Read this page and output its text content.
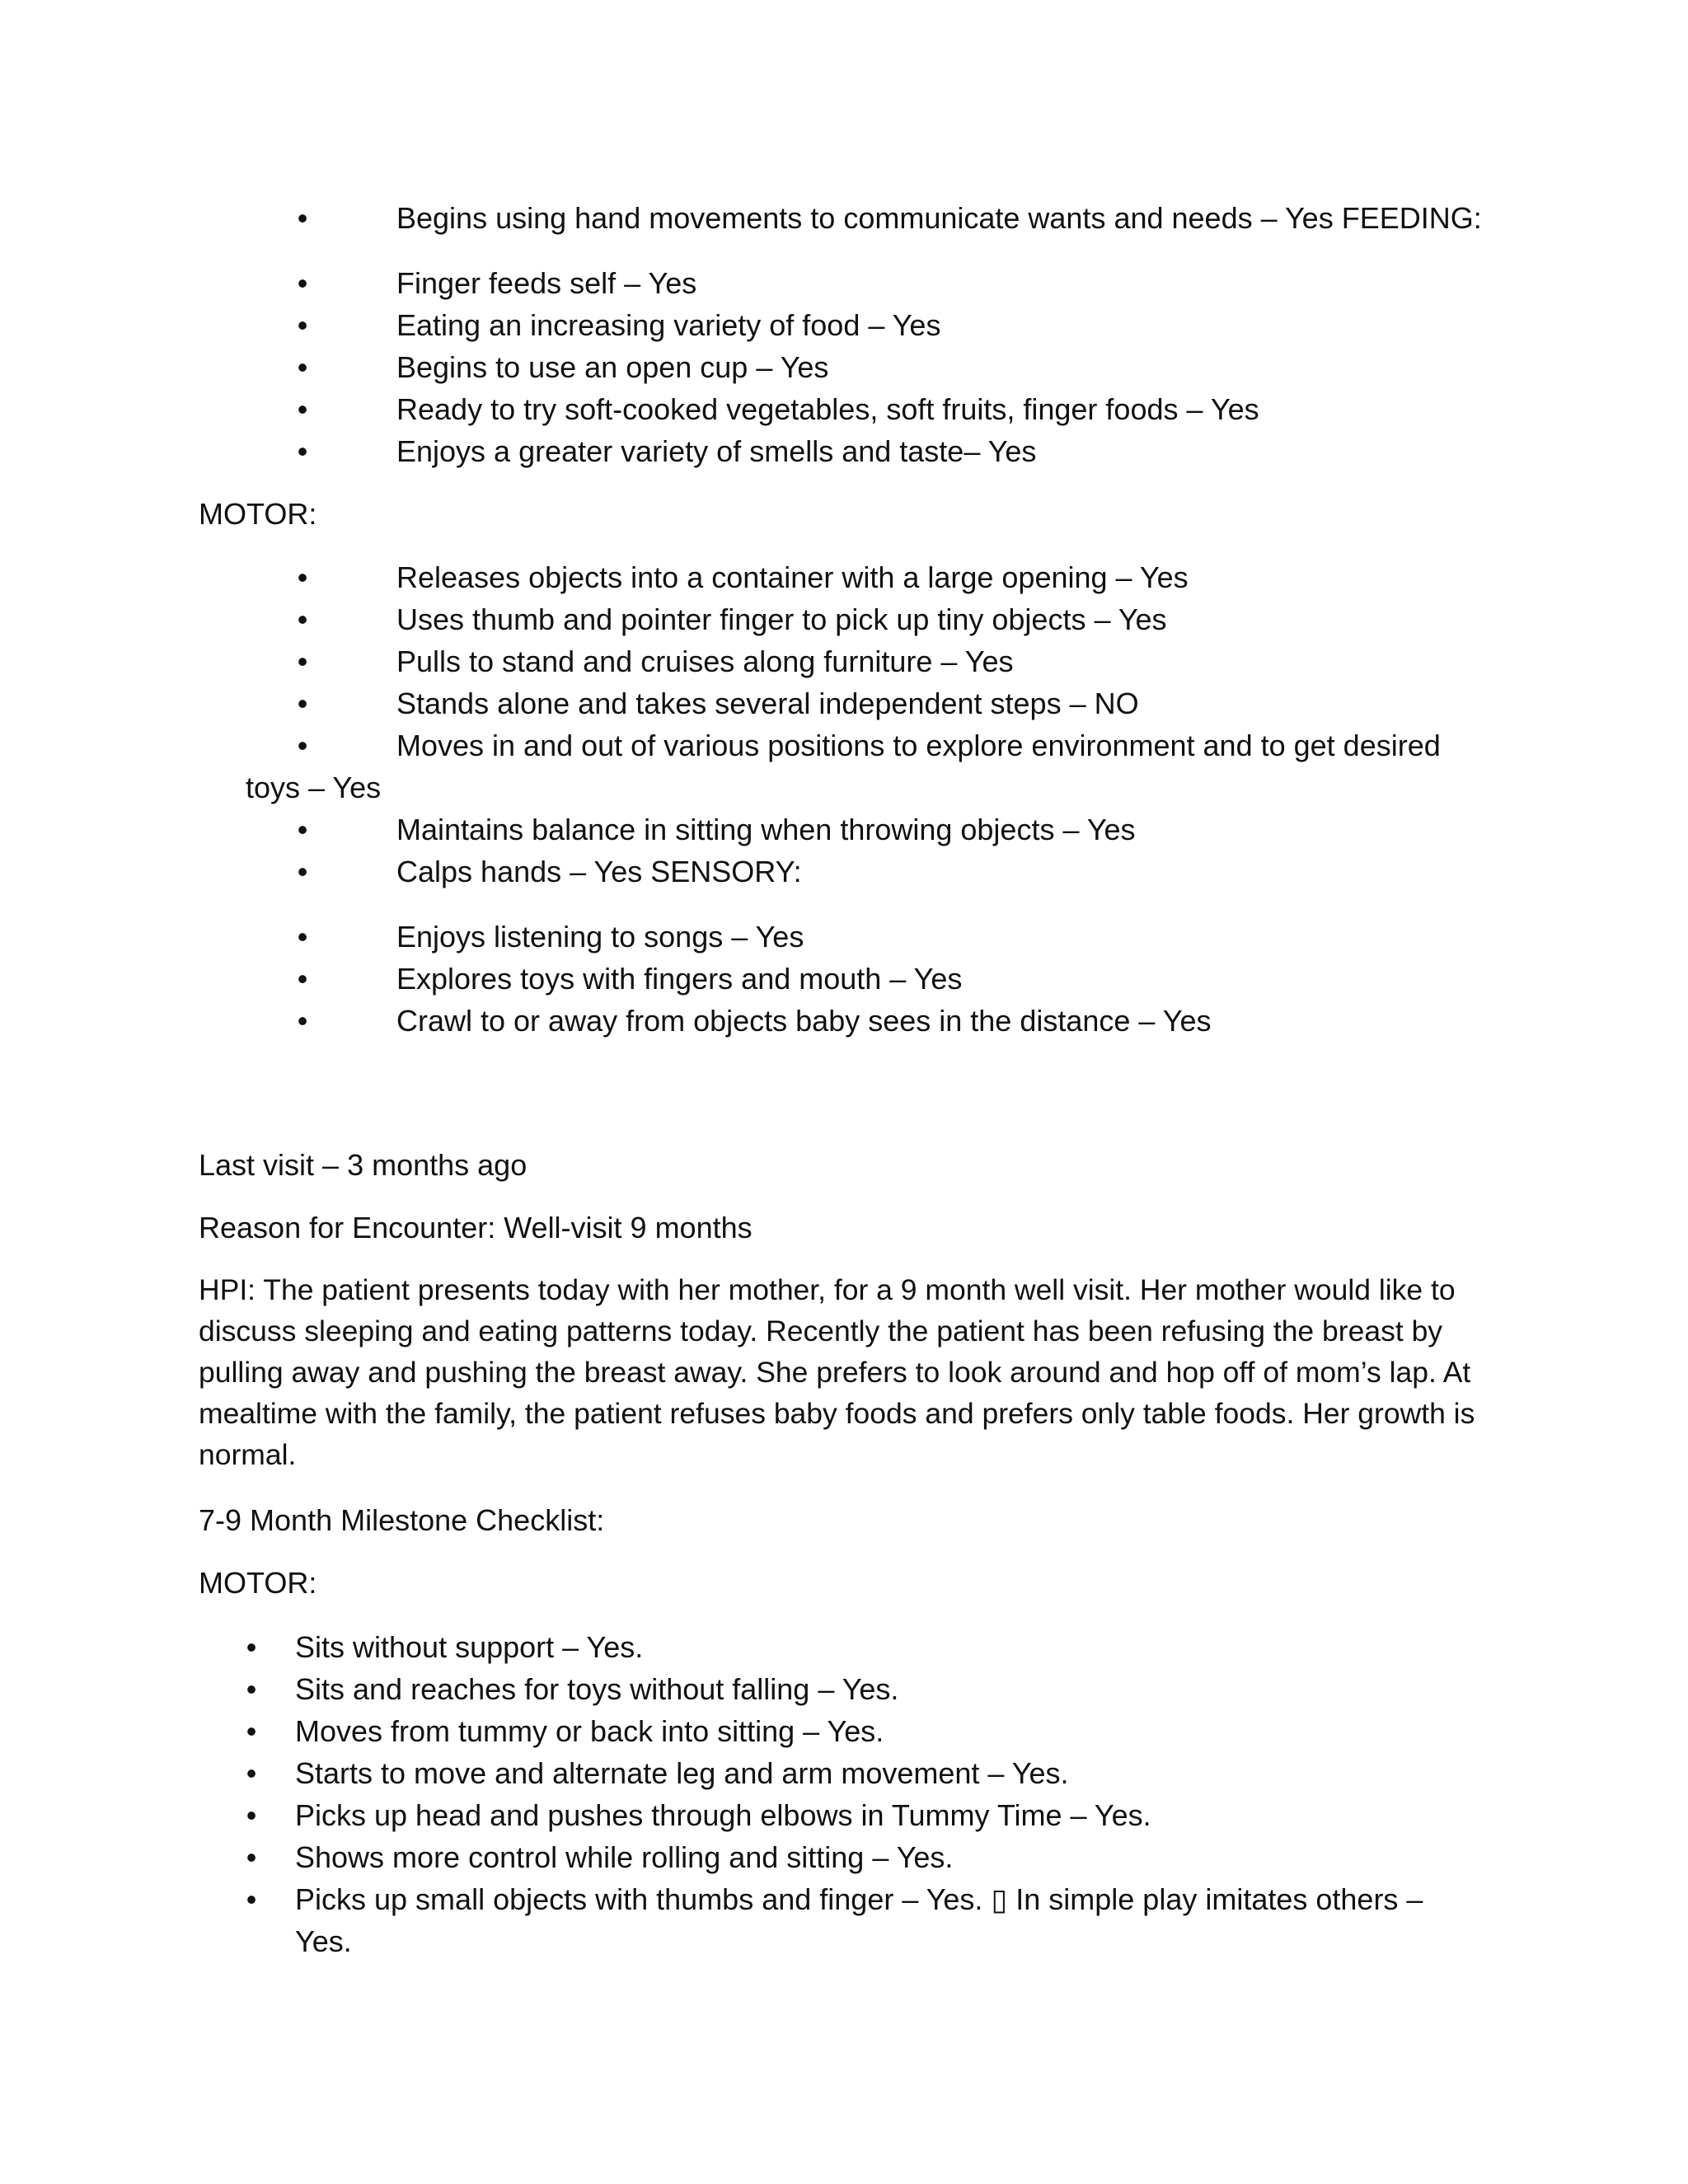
•	Begins using hand movements to communicate wants and needs – Yes FEEDING:
•	Finger feeds self – Yes
•	Eating an increasing variety of food – Yes
•	Begins to use an open cup – Yes
•	Ready to try soft-cooked vegetables, soft fruits, finger foods – Yes
•	Enjoys a greater variety of smells and taste– Yes
MOTOR:
•	Releases objects into a container with a large opening – Yes
•	Uses thumb and pointer finger to pick up tiny objects – Yes
•	Pulls to stand and cruises along furniture – Yes
•	Stands alone and takes several independent steps – NO
•	Moves in and out of various positions to explore environment and to get desired
toys – Yes
•	Maintains balance in sitting when throwing objects – Yes
•	Calps hands – Yes SENSORY:
•	Enjoys listening to songs – Yes
•	Explores toys with fingers and mouth – Yes
•	Crawl to or away from objects baby sees in the distance – Yes
Last visit – 3 months ago
Reason for Encounter: Well-visit 9 months
HPI: The patient presents today with her mother, for a 9 month well visit. Her mother would like to discuss sleeping and eating patterns today. Recently the patient has been refusing the breast by pulling away and pushing the breast away. She prefers to look around and hop off of mom’s lap. At mealtime with the family, the patient refuses baby foods and prefers only table foods. Her growth is normal.
7-9 Month Milestone Checklist:
MOTOR:
• Sits without support – Yes.
• Sits and reaches for toys without falling – Yes.
• Moves from tummy or back into sitting – Yes.
• Starts to move and alternate leg and arm movement – Yes.
• Picks up head and pushes through elbows in Tummy Time – Yes.
• Shows more control while rolling and sitting – Yes.
• Picks up small objects with thumbs and finger – Yes. ▯ In simple play imitates others –
Yes.
